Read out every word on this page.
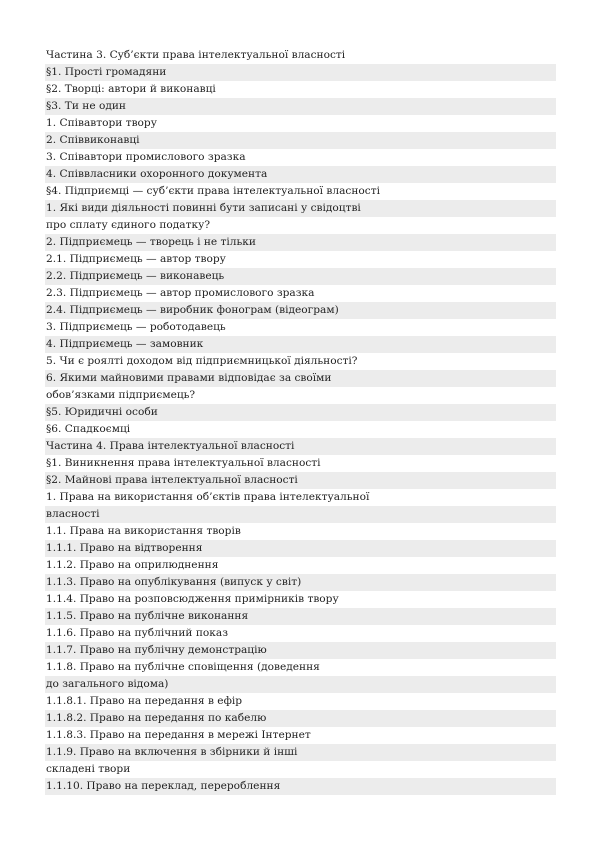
Частина 3. Суб’єкти права інтелектуальної власності
§1. Прості громадяни
§2. Творці: автори й виконавці
§3. Ти не один
1. Співавтори твору
2. Співвиконавці
3. Співавтори промислового зразка
4. Співвласники охоронного документа
§4. Підприємці — суб’єкти права інтелектуальної власності
1. Які види діяльності повинні бути записані у свідоцтві
про сплату єдиного податку?
2. Підприємець — творець і не тільки
2.1. Підприємець — автор твору
2.2. Підприємець — виконавець
2.3. Підприємець — автор промислового зразка
2.4. Підприємець — виробник фонограм (відеограм)
3. Підприємець — роботодавець
4. Підприємець — замовник
5. Чи є роялті доходом від підприємницької діяльності?
6. Якими майновими правами відповідає за своїми
обов’язками підприємець?
§5. Юридичні особи
§6. Спадкоємці
Частина 4. Права інтелектуальної власності
§1. Виникнення права інтелектуальної власності
§2. Майнові права інтелектуальної власності
1. Права на використання об’єктів права інтелектуальної
власності
1.1. Права на використання творів
1.1.1. Право на відтворення
1.1.2. Право на оприлюднення
1.1.3. Право на опублікування (випуск у світ)
1.1.4. Право на розповсюдження примірників твору
1.1.5. Право на публічне виконання
1.1.6. Право на публічний показ
1.1.7. Право на публічну демонстрацію
1.1.8. Право на публічне сповіщення (доведення
до загального відома)
1.1.8.1. Право на передання в ефір
1.1.8.2. Право на передання по кабелю
1.1.8.3. Право на передання в мережі Інтернет
1.1.9. Право на включення в збірники й інші
складені твори
1.1.10. Право на переклад, перероблення
